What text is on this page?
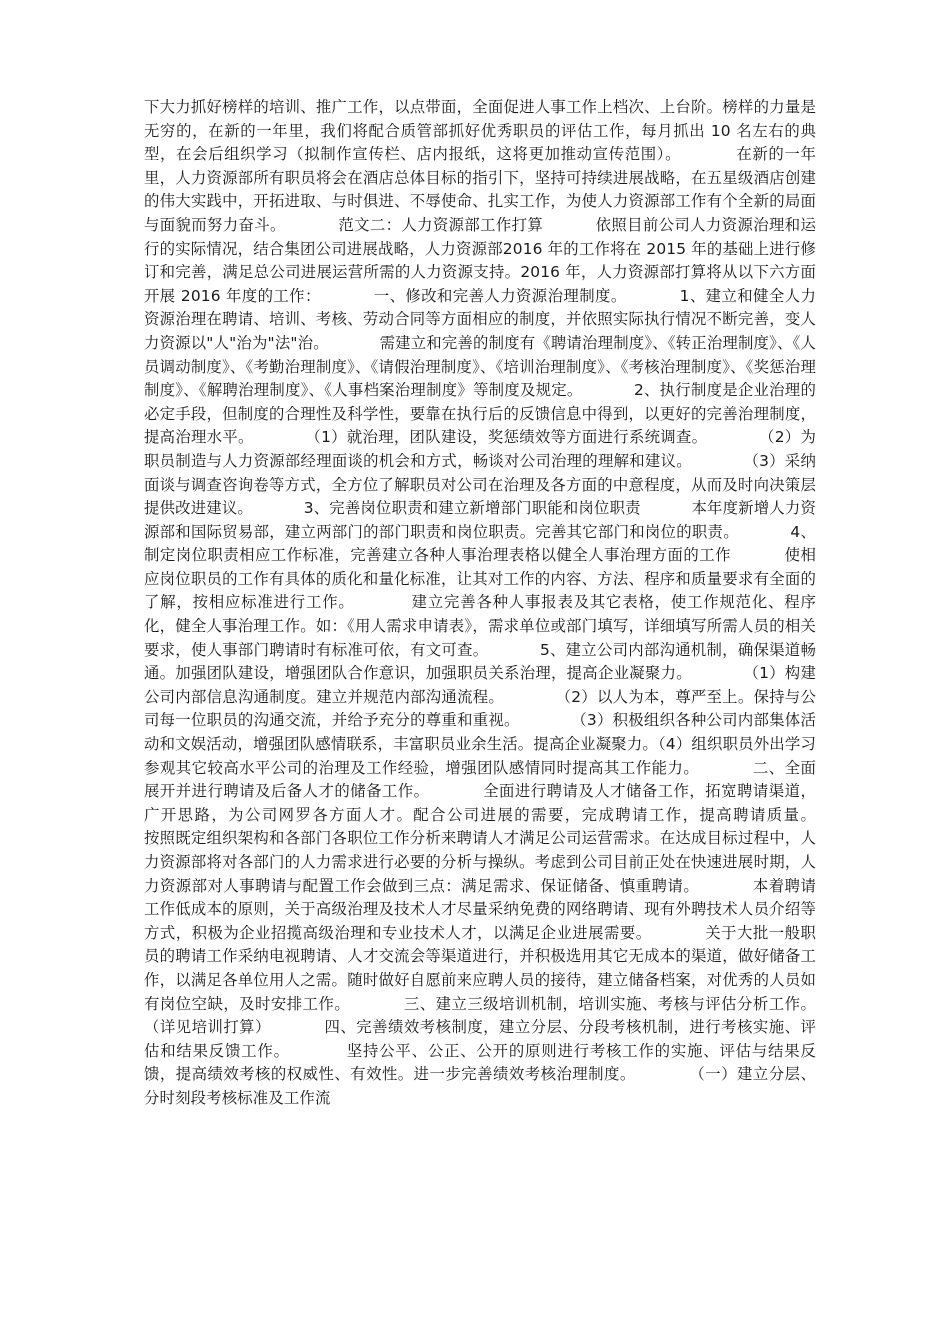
下大力抓好榜样的培训、推广工作，以点带面，全面促进人事工作上档次、上台阶。榜样的力量是无穷的，在新的一年里，我们将配合质管部抓好优秀职员的评估工作，每月抓出 10 名左右的典型，在会后组织学习（拟制作宣传栏、店内报纸，这将更加推动宣传范围）。          在新的一年里，人力资源部所有职员将会在酒店总体目标的指引下，坚持可持续进展战略，在五星级酒店创建的伟大实践中，开拓进取、与时俱进、不辱使命、扎实工作，为使人力资源部工作有个全新的局面与面貌而努力奋斗。          范文二：人力资源部工作打算          依照目前公司人力资源治理和运行的实际情况，结合集团公司进展战略，人力资源部2016 年的工作将在 2015 年的基础上进行修订和完善，满足总公司进展运营所需的人力资源支持。2016 年，人力资源部打算将从以下六方面开展 2016 年度的工作：          一、修改和完善人力资源治理制度。          1、建立和健全人力资源治理在聘请、培训、考核、劳动合同等方面相应的制度，并依照实际执行情况不断完善，变人力资源以"人"治为"法"治。          需建立和完善的制度有《聘请治理制度》、《转正治理制度》、《人员调动制度》、《考勤治理制度》、《请假治理制度》、《培训治理制度》、《考核治理制度》、《奖惩治理制度》、《解聘治理制度》、《人事档案治理制度》等制度及规定。          2、执行制度是企业治理的必定手段，但制度的合理性及科学性，要靠在执行后的反馈信息中得到，以更好的完善治理制度，提高治理水平。          （1）就治理，团队建设，奖惩绩效等方面进行系统调查。          （2）为职员制造与人力资源部经理面谈的机会和方式，畅谈对公司治理的理解和建议。          （3）采纳面谈与调查咨询卷等方式，全方位了解职员对公司在治理及各方面的中意程度，从而及时向决策层提供改进建议。          3、完善岗位职责和建立新增部门职能和岗位职责          本年度新增人力资源部和国际贸易部，建立两部门的部门职责和岗位职责。完善其它部门和岗位的职责。          4、制定岗位职责相应工作标准，完善建立各种人事治理表格以健全人事治理方面的工作          使相应岗位职员的工作有具体的质化和量化标准，让其对工作的内容、方法、程序和质量要求有全面的了解，按相应标准进行工作。          建立完善各种人事报表及其它表格，使工作规范化、程序化，健全人事治理工作。如：《用人需求申请表》，需求单位或部门填写，详细填写所需人员的相关要求，使人事部门聘请时有标准可依，有文可查。          5、建立公司内部沟通机制，确保渠道畅通。加强团队建设，增强团队合作意识，加强职员关系治理，提高企业凝聚力。          （1）构建公司内部信息沟通制度。建立并规范内部沟通流程。          （2）以人为本，尊严至上。保持与公司每一位职员的沟通交流，并给予充分的尊重和重视。          （3）积极组织各种公司内部集体活动和文娱活动，增强团队感情联系，丰富职员业余生活。提高企业凝聚力。（4）组织职员外出学习参观其它较高水平公司的治理及工作经验，增强团队感情同时提高其工作能力。          二、全面展开并进行聘请及后备人才的储备工作。          全面进行聘请及人才储备工作，拓宽聘请渠道，广开思路，为公司网罗各方面人才。配合公司进展的需要，完成聘请工作，提高聘请质量。          按照既定组织架构和各部门各职位工作分析来聘请人才满足公司运营需求。在达成目标过程中，人力资源部将对各部门的人力需求进行必要的分析与操纵。考虑到公司目前正处在快速进展时期，人力资源部对人事聘请与配置工作会做到三点：满足需求、保证储备、慎重聘请。          本着聘请工作低成本的原则，关于高级治理及技术人才尽量采纳免费的网络聘请、现有外聘技术人员介绍等方式，积极为企业招揽高级治理和专业技术人才，以满足企业进展需要。          关于大批一般职员的聘请工作采纳电视聘请、人才交流会等渠道进行，并积极选用其它无成本的渠道，做好储备工作，以满足各单位用人之需。随时做好自愿前来应聘人员的接待，建立储备档案，对优秀的人员如有岗位空缺，及时安排工作。          三、建立三级培训机制，培训实施、考核与评估分析工作。（详见培训打算）          四、完善绩效考核制度，建立分层、分段考核机制，进行考核实施、评估和结果反馈工作。          坚持公平、公正、公开的原则进行考核工作的实施、评估与结果反馈，提高绩效考核的权威性、有效性。进一步完善绩效考核治理制度。          （一）建立分层、分时刻段考核标准及工作流
